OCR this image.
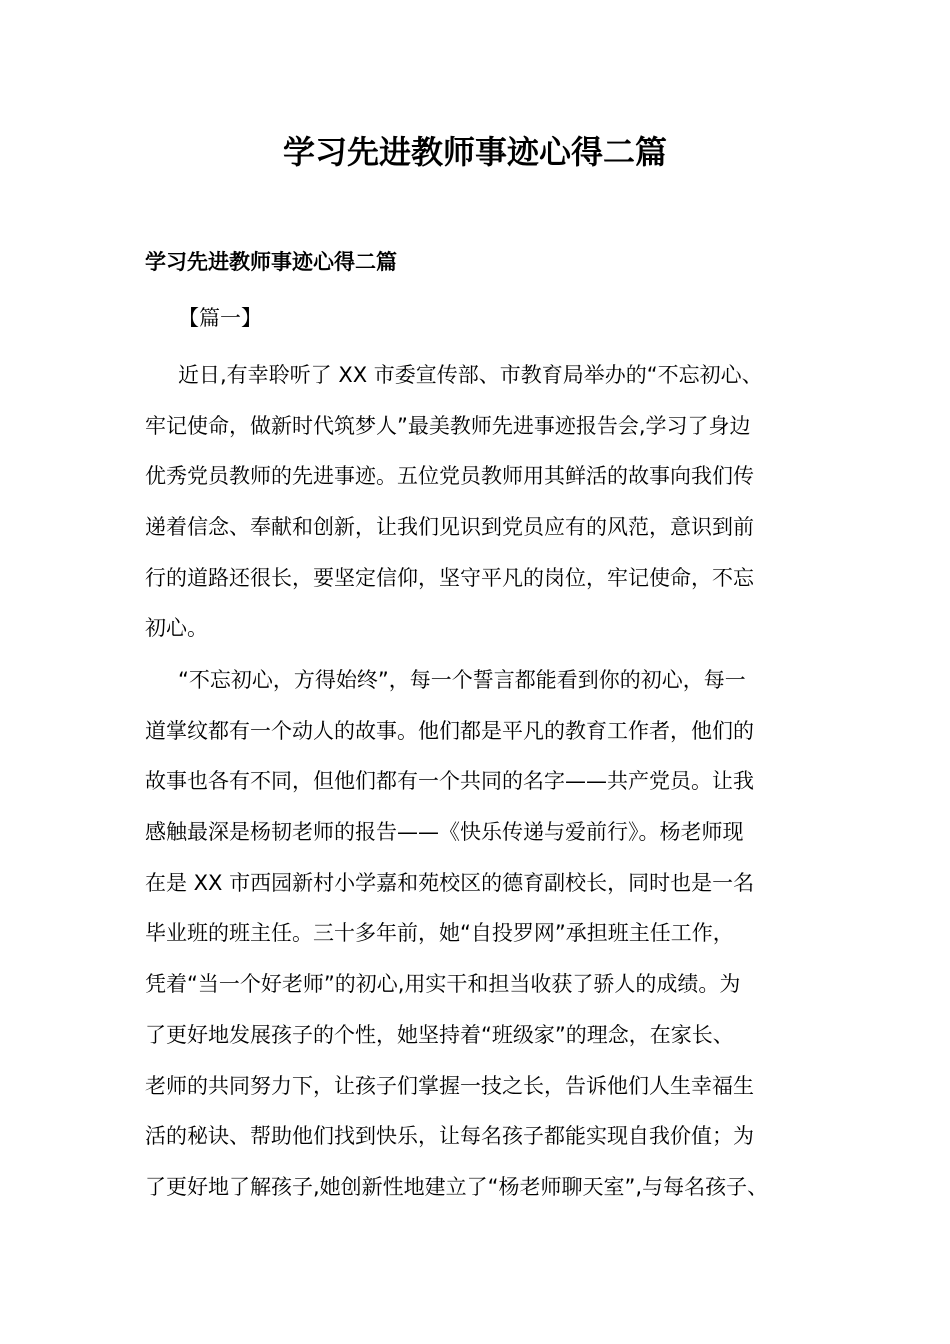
学习先进教师事迹心得二篇
学习先进教师事迹心得二篇
【篇一】
近日,有幸聆听了 XX 市委宣传部、市教育局举办的“不忘初心、
牢记使命，做新时代筑梦人”最美教师先进事迹报告会,学习了身边
优秀党员教师的先进事迹。五位党员教师用其鲜活的故事向我们传
递着信念、奉献和创新，让我们见识到党员应有的风范，意识到前
行的道路还很长，要坚定信仰，坚守平凡的岗位，牢记使命，不忘
初心。
“不忘初心，方得始终”，每一个誓言都能看到你的初心，每一
道掌纹都有一个动人的故事。他们都是平凡的教育工作者，他们的
故事也各有不同，但他们都有一个共同的名字——共产党员。让我
感触最深是杨韧老师的报告——《快乐传递与爱前行》。杨老师现
在是 XX 市西园新村小学嘉和苑校区的德育副校长，同时也是一名
毕业班的班主任。三十多年前，她“自投罗网”承担班主任工作，
凭着“当一个好老师”的初心,用实干和担当收获了骄人的成绩。为
了更好地发展孩子的个性，她坚持着“班级家”的理念，在家长、
老师的共同努力下，让孩子们掌握一技之长，告诉他们人生幸福生
活的秘诀、帮助他们找到快乐，让每名孩子都能实现自我价值；为
了更好地了解孩子,她创新性地建立了“杨老师聊天室”,与每名孩子、
